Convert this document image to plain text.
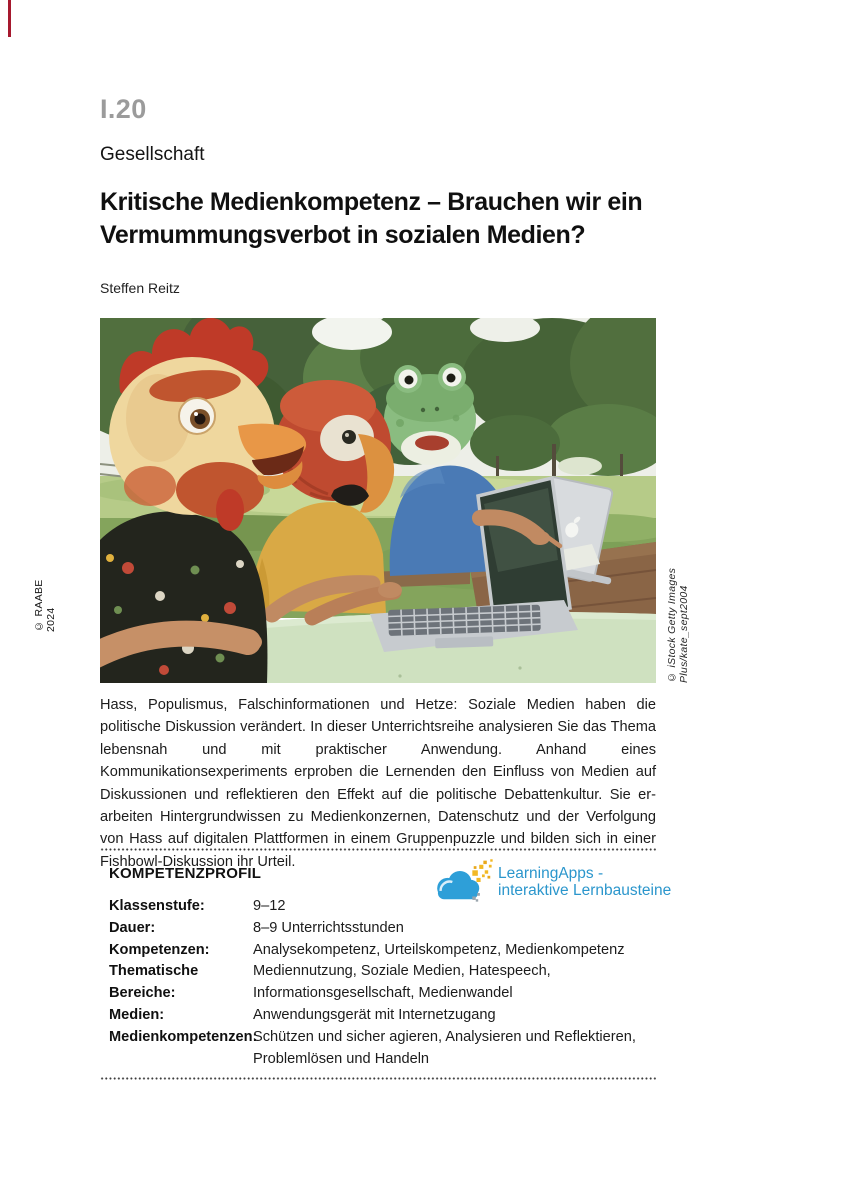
I.20
Gesellschaft
Kritische Medienkompetenz – Brauchen wir ein
Vermummungsverbot in sozialen Medien?
Steffen Reitz
© RAABE 2024	© iStock Getty Images Plus/kate_sept2004
Hass, Populismus, Falschinformationen und Hetze: Soziale Medien haben die politische Diskussion verändert. In dieser Unterrichtsreihe analysieren Sie das Thema lebensnah und mit praktischer Anwendung. Anhand eines Kommunikationsexperiments erproben die Lernenden den Einfluss von Medien auf Diskussionen und reflektieren den Effekt auf die politische Debattenkultur. Sie erarbeiten Hintergrundwissen zu Medienkonzernen, Datenschutz und der Verfolgung von Hass auf digitalen Plattformen in einem Gruppenpuzzle und bilden sich in einer Fishbowl-Diskussion ihr Urteil.
KOMPETENZPROFIL	LearningApps -
interaktive Lernbausteine
Klassenstufe:	9–12
Dauer:	8–9 Unterrichtsstunden
Kompetenzen:	Analysekompetenz, Urteilskompetenz, Medienkompetenz
Thematische Bereiche:
Mediennutzung, Soziale Medien, Hatespeech, Informationsgesellschaft, Medienwandel
Medien:	Anwendungsgerät mit Internetzugang
Medienkompetenzen:
Schützen und sicher agieren, Analysieren und Reflektieren, Problemlösen und Handeln
